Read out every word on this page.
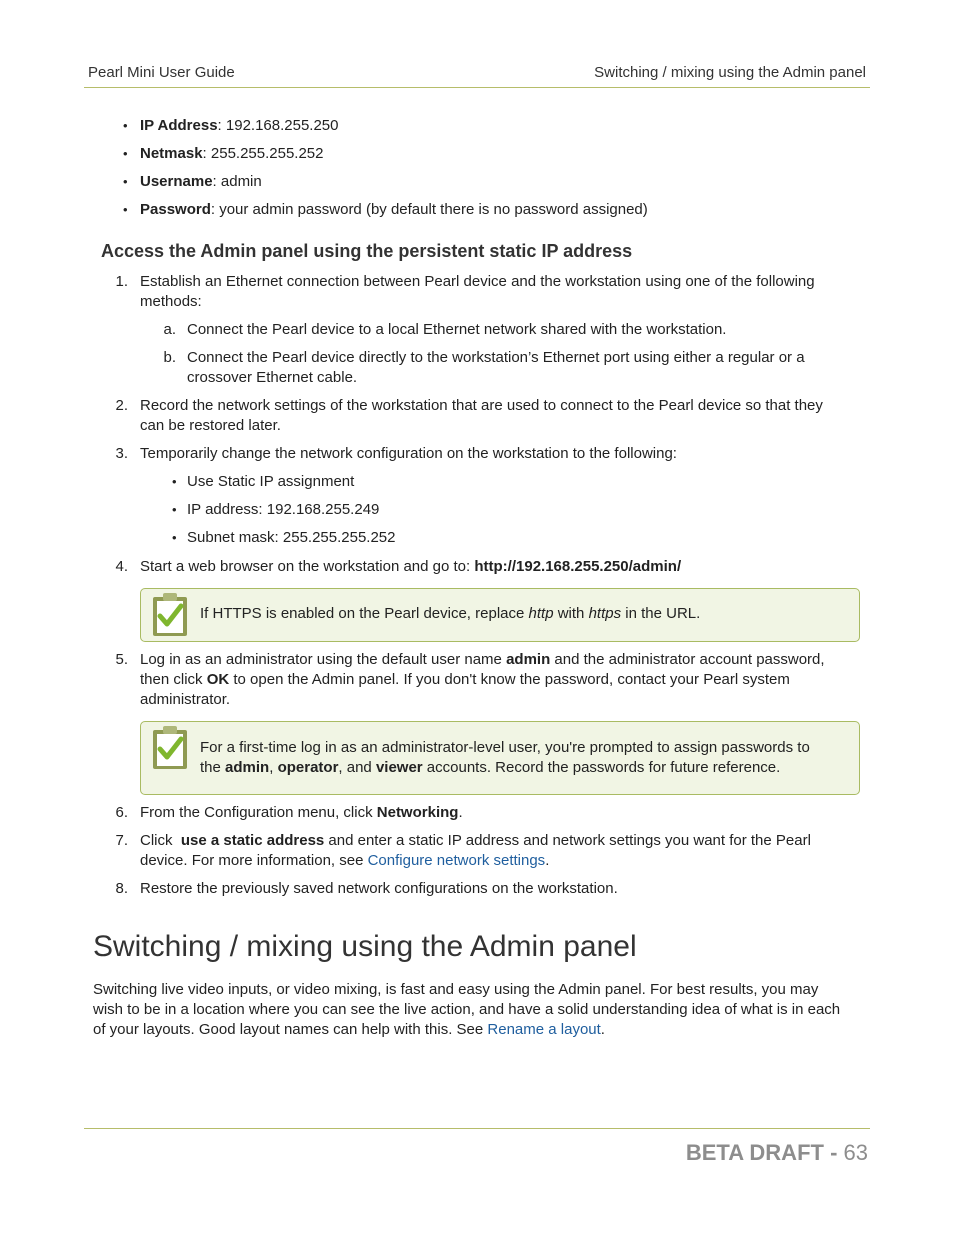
Pearl Mini User Guide	Switching / mixing using the Admin panel
• IP Address: 192.168.255.250
• Netmask: 255.255.255.252
• Username: admin
• Password: your admin password (by default there is no password assigned)
Access the Admin panel using the persistent static IP address
1. Establish an Ethernet connection between Pearl device and the workstation using one of the following
methods:
a. Connect the Pearl device to a local Ethernet network shared with the workstation.
b. Connect the Pearl device directly to the workstation’s Ethernet port using either a regular or a
crossover Ethernet cable.
2. Record the network settings of the workstation that are used to connect to the Pearl device so that they
can be restored later.
3. Temporarily change the network configuration on the workstation to the following:
• Use Static IP assignment
• IP address: 192.168.255.249
• Subnet mask: 255.255.255.252
4. Start a web browser on the workstation and go to: http://192.168.255.250/admin/
If HTTPS is enabled on the Pearl device, replace http with https in the URL.
5. Log in as an administrator using the default user name admin and the administrator account password,
then click OK to open the Admin panel. If you don't know the password, contact your Pearl system
administrator.
For a first-time log in as an administrator-level user, you're prompted to assign passwords to
the admin, operator, and viewer accounts. Record the passwords for future reference.
6. From the Configuration menu, click Networking.
7. Click  use a static address and enter a static IP address and network settings you want for the Pearl
device. For more information, see Configure network settings.
8. Restore the previously saved network configurations on the workstation.
Switching / mixing using the Admin panel
Switching live video inputs, or video mixing, is fast and easy using the Admin panel. For best results, you may
wish to be in a location where you can see the live action, and have a solid understanding idea of what is in each
of your layouts. Good layout names can help with this. See Rename a layout.
BETA DRAFT - 63
